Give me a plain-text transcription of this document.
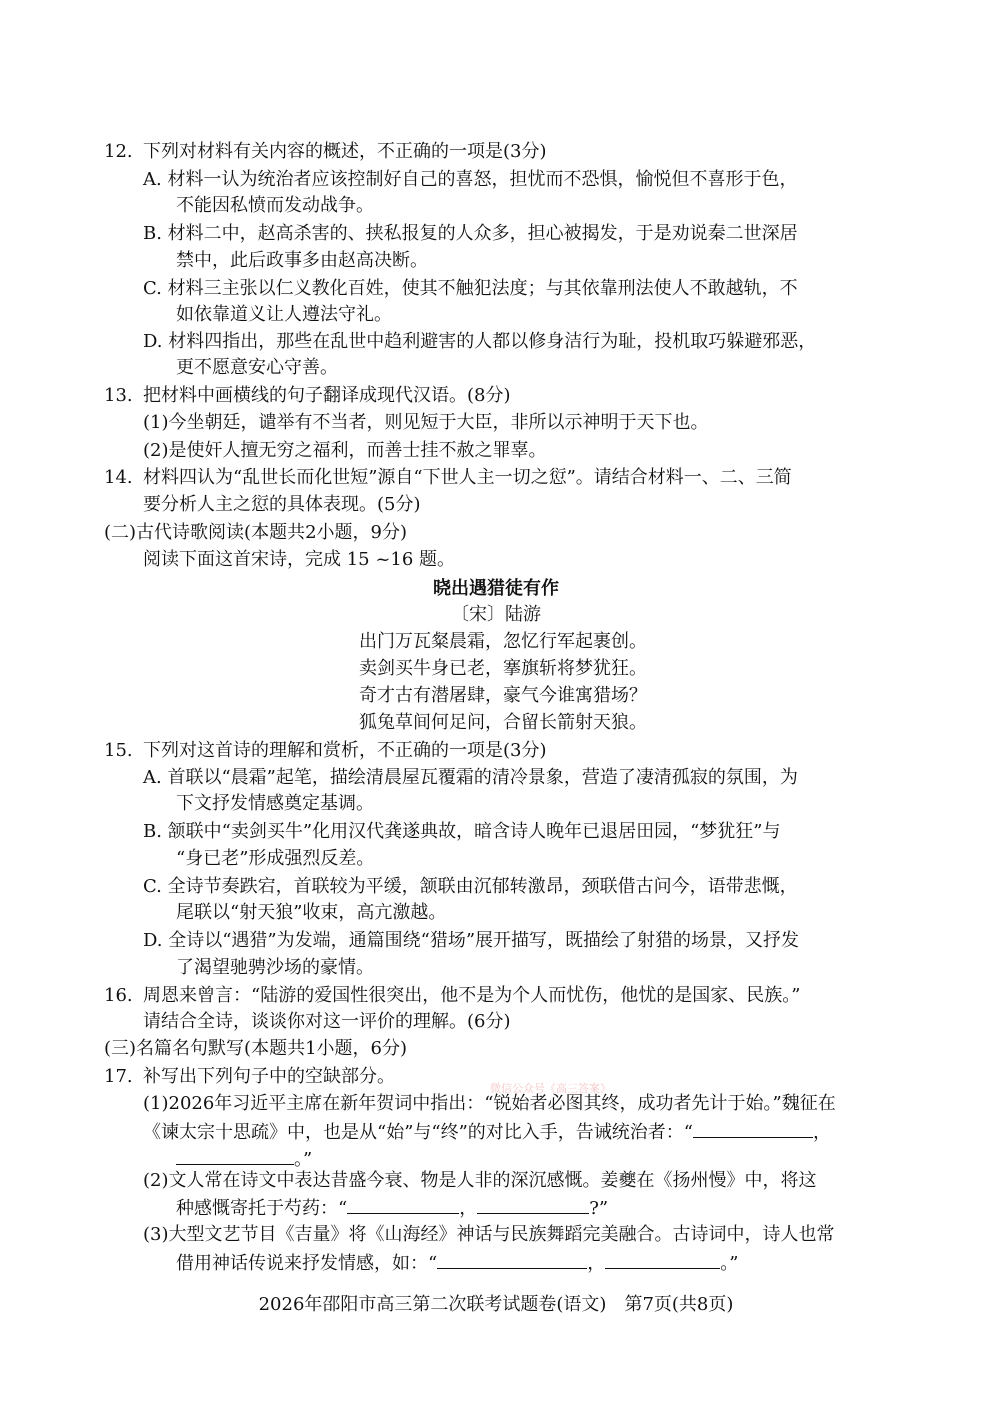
12. 下列对材料有关内容的概述，不正确的一项是(3分)
A. 材料一认为统治者应该控制好自己的喜怒，担忧而不恐惧，愉悦但不喜形于色，
不能因私愤而发动战争。
B. 材料二中，赵高杀害的、挟私报复的人众多，担心被揭发，于是劝说秦二世深居
禁中，此后政事多由赵高决断。
C. 材料三主张以仁义教化百姓，使其不触犯法度；与其依靠刑法使人不敢越轨，不
如依靠道义让人遵法守礼。
D. 材料四指出，那些在乱世中趋利避害的人都以修身洁行为耻，投机取巧躲避邪恶，
更不愿意安心守善。
13. 把材料中画横线的句子翻译成现代汉语。(8分)
(1)今坐朝廷，谴举有不当者，则见短于大臣，非所以示神明于天下也。
(2)是使奸人擅无穷之福利，而善士挂不赦之罪辜。
14. 材料四认为“乱世长而化世短”源自“下世人主一切之愆”。请结合材料一、二、三简
要分析人主之愆的具体表现。(5分)
(二)古代诗歌阅读(本题共2小题，9分)
阅读下面这首宋诗，完成 15 ~16 题。
晓出遇猎徒有作
〔宋〕陆游
出门万瓦粲晨霜，忽忆行军起裹创。
卖剑买牛身已老，搴旗斩将梦犹狂。
奇才古有潜屠肆，豪气今谁寓猎场？
狐兔草间何足问，合留长箭射天狼。
15. 下列对这首诗的理解和赏析，不正确的一项是(3分)
A. 首联以“晨霜”起笔，描绘清晨屋瓦覆霜的清冷景象，营造了凄清孤寂的氛围，为
下文抒发情感奠定基调。
B. 颔联中“卖剑买牛”化用汉代龚遂典故，暗含诗人晚年已退居田园，“梦犹狂”与
“身已老”形成强烈反差。
C. 全诗节奏跌宕，首联较为平缓，颔联由沉郁转激昂，颈联借古问今，语带悲慨，
尾联以“射天狼”收束，高亢激越。
D. 全诗以“遇猎”为发端，通篇围绕“猎场”展开描写，既描绘了射猎的场景，又抒发
了渴望驰骋沙场的豪情。
16. 周恩来曾言：“陆游的爱国性很突出，他不是为个人而忧伤，他忧的是国家、民族。”
请结合全诗，谈谈你对这一评价的理解。(6分)
(三)名篇名句默写(本题共1小题，6分)
17. 补写出下列句子中的空缺部分。
微信公众号《高三答案》
(1)2026年习近平主席在新年贺词中指出：“锐始者必图其终，成功者先计于始。”魏征在
《谏太宗十思疏》中，也是从“始”与“终”的对比入手，告诫统治者：“	，
。”
(2)文人常在诗文中表达昔盛今衰、物是人非的深沉感慨。姜夔在《扬州慢》中，将这
种感慨寄托于芍药：“	，	?”
(3)大型文艺节目《吉量》将《山海经》神话与民族舞蹈完美融合。古诗词中，诗人也常
借用神话传说来抒发情感，如：“	，	。”
2026年邵阳市高三第二次联考试题卷(语文)　第7页(共8页)
